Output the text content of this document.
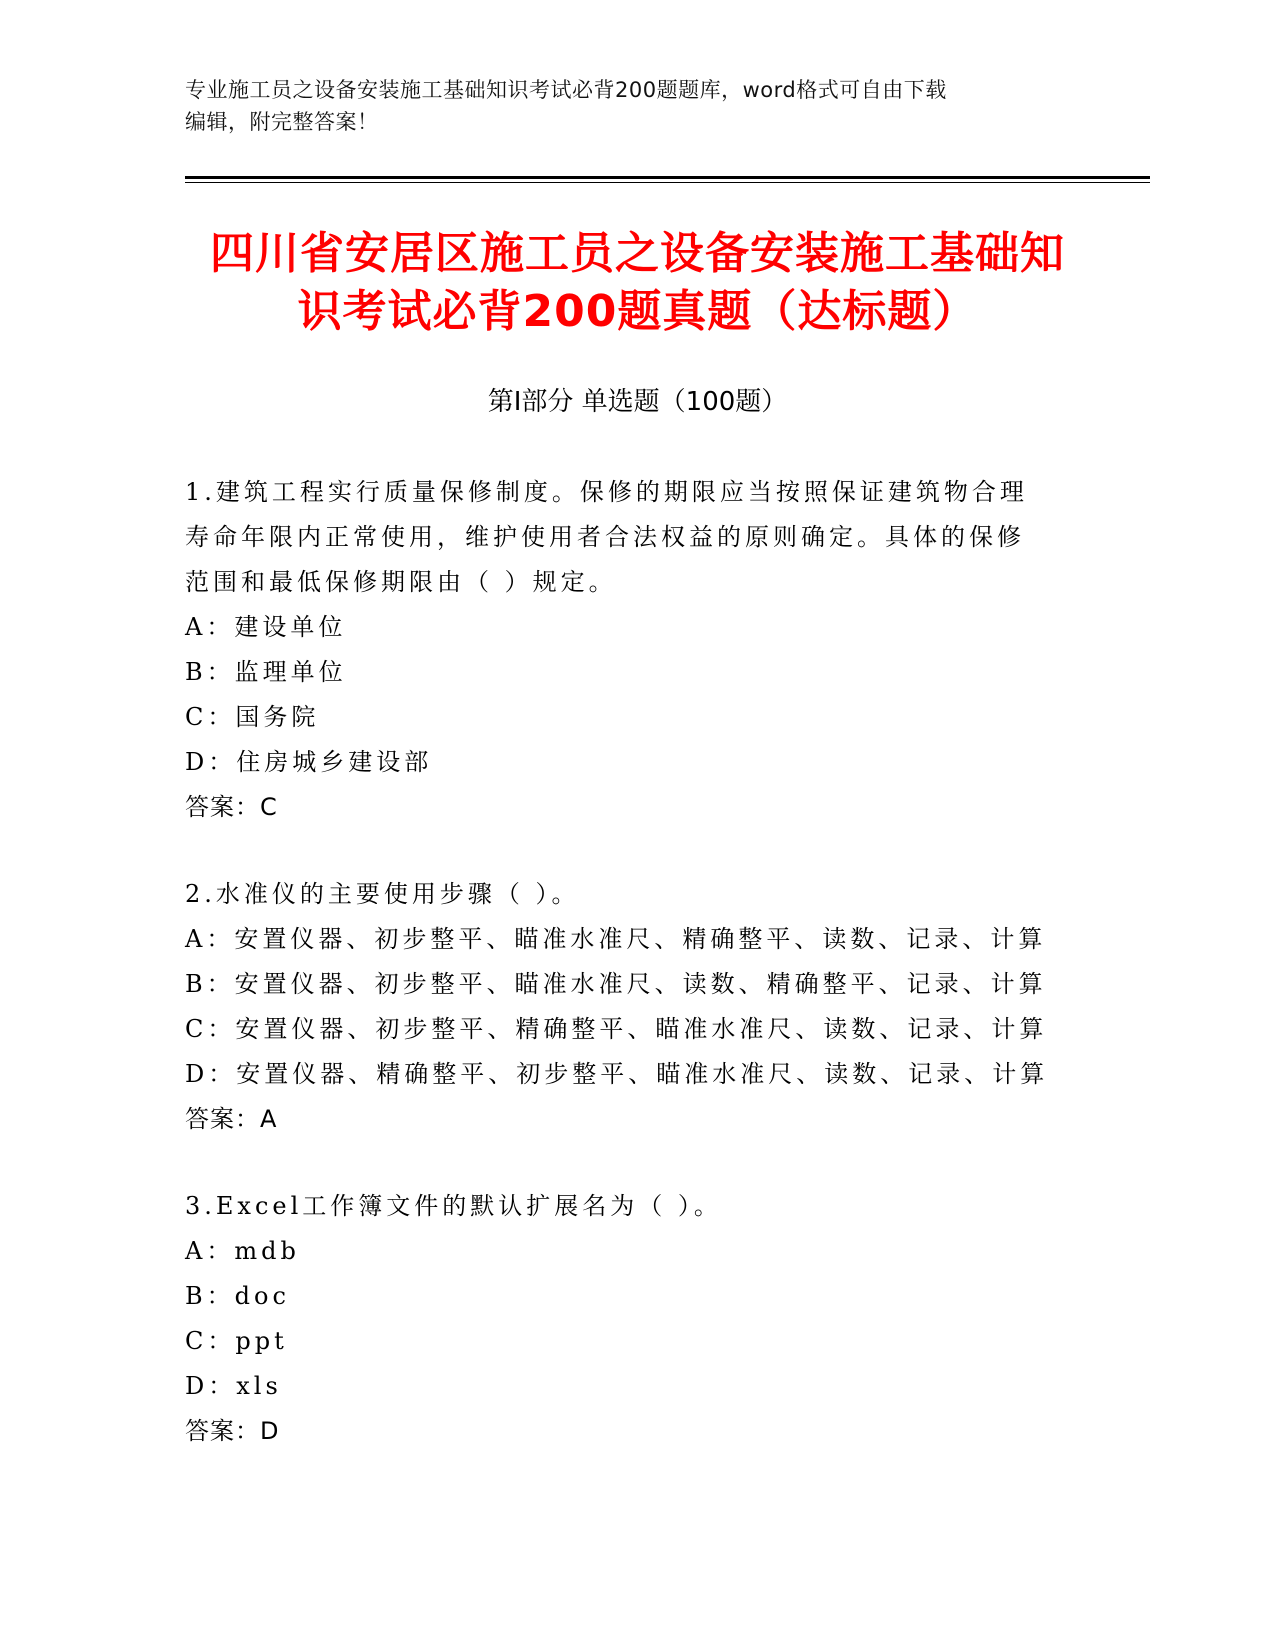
专业施工员之设备安装施工基础知识考试必背200题题库，word格式可自由下载
编辑，附完整答案！
四川省安居区施工员之设备安装施工基础知
识考试必背200题真题（达标题）
第I部分 单选题（100题）
1.建筑工程实行质量保修制度。保修的期限应当按照保证建筑物合理
寿命年限内正常使用，维护使用者合法权益的原则确定。具体的保修
范围和最低保修期限由（ ）规定。
A：建设单位
B：监理单位
C：国务院
D：住房城乡建设部
答案：C
2.水准仪的主要使用步骤（ ）。
A：安置仪器、初步整平、瞄准水准尺、精确整平、读数、记录、计算
B：安置仪器、初步整平、瞄准水准尺、读数、精确整平、记录、计算
C：安置仪器、初步整平、精确整平、瞄准水准尺、读数、记录、计算
D：安置仪器、精确整平、初步整平、瞄准水准尺、读数、记录、计算
答案：A
3.Excel工作簿文件的默认扩展名为（ ）。
A：mdb
B：doc
C：ppt
D：xls
答案：D
